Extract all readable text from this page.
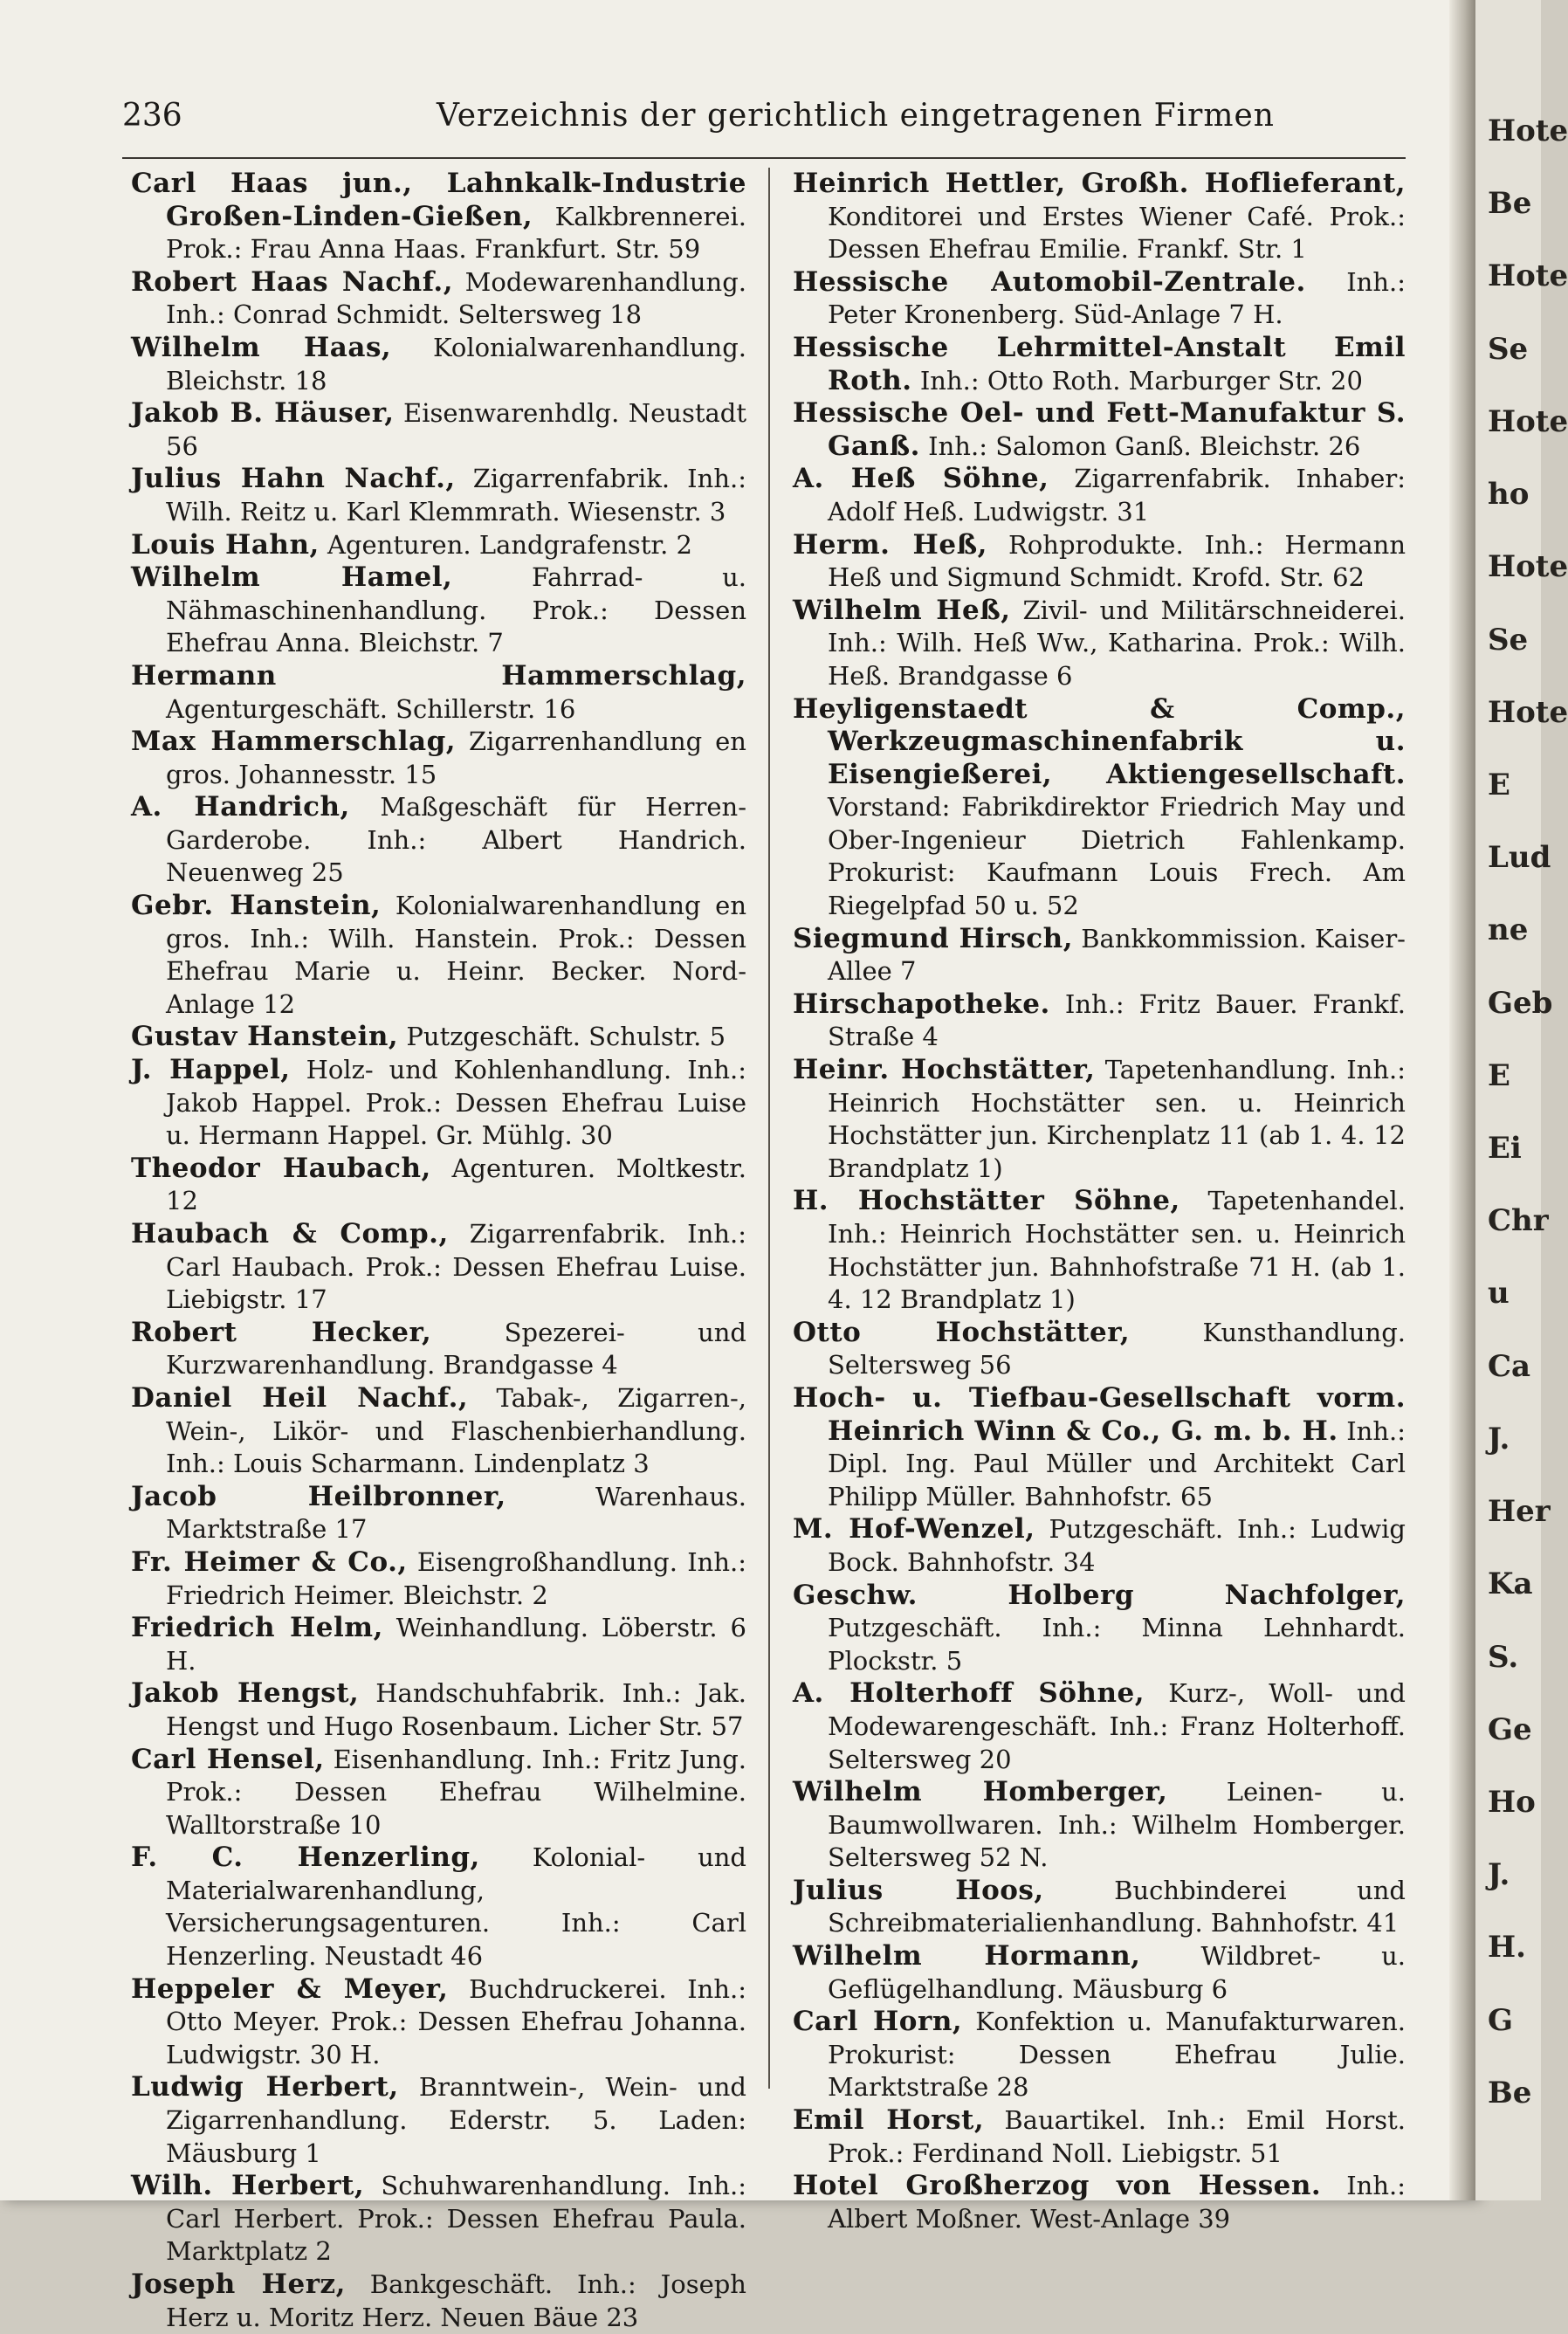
236	Verzeichnis der gerichtlich eingetragenen Firmen
Carl Haas jun., Lahnkalk-Industrie Großen-Linden-Gießen, Kalkbrennerei. Prok.: Frau Anna Haas. Frankfurt. Str. 59
Robert Haas Nachf., Modewarenhandlung. Inh.: Conrad Schmidt. Seltersweg 18
Wilhelm Haas, Kolonialwarenhandlung. Bleichstr. 18
Jakob B. Häuser, Eisenwarenhdlg. Neustadt 56
Julius Hahn Nachf., Zigarrenfabrik. Inh.: Wilh. Reitz u. Karl Klemmrath. Wiesenstr. 3
Louis Hahn, Agenturen. Landgrafenstr. 2
Wilhelm Hamel,	Fahrrad- u. Nähmaschinenhandlung. Prok.: Dessen Ehefrau Anna. Bleichstr. 7
Hermann Hammerschlag, Agenturgeschäft. Schillerstr. 16
Max Hammerschlag, Zigarrenhandlung en gros. Johannesstr. 15
A. Handrich, Maßgeschäft für Herren-Garderobe. Inh.: Albert Handrich. Neuenweg 25
Gebr. Hanstein, Kolonialwarenhandlung en gros. Inh.: Wilh. Hanstein. Prok.: Dessen Ehefrau Marie u. Heinr. Becker. Nord-Anlage 12
Gustav Hanstein, Putzgeschäft. Schulstr. 5
J. Happel, Holz- und Kohlenhandlung. Inh.: Jakob Happel. Prok.: Dessen Ehefrau Luise u. Hermann Happel. Gr. Mühlg. 30
Theodor Haubach, Agenturen. Moltkestr. 12
Haubach & Comp., Zigarrenfabrik. Inh.: Carl Haubach. Prok.: Dessen Ehefrau Luise. Liebigstr. 17
Robert Hecker,	Spezerei- und Kurzwarenhandlung. Brandgasse 4
Daniel Heil Nachf., Tabak-, Zigarren-, Wein-, Likör- und Flaschenbierhandlung. Inh.: Louis Scharmann. Lindenplatz 3
Jacob Heilbronner,	Warenhaus. Marktstraße 17
Fr. Heimer & Co., Eisengroßhandlung. Inh.: Friedrich Heimer. Bleichstr. 2
Friedrich Helm, Weinhandlung. Löberstr. 6 H.
Jakob Hengst, Handschuhfabrik. Inh.: Jak. Hengst und Hugo Rosenbaum. Licher Str. 57
Carl Hensel, Eisenhandlung. Inh.: Fritz Jung. Prok.: Dessen Ehefrau Wilhelmine. Walltorstraße 10
F. C. Henzerling, Kolonial- und Materialwarenhandlung, Versicherungsagenturen. Inh.: Carl Henzerling. Neustadt 46
Heppeler & Meyer, Buchdruckerei. Inh.: Otto Meyer. Prok.: Dessen Ehefrau Johanna. Ludwigstr. 30 H.
Ludwig Herbert, Branntwein-, Wein- und Zigarrenhandlung. Ederstr. 5. Laden: Mäusburg 1
Wilh. Herbert, Schuhwarenhandlung. Inh.: Carl Herbert. Prok.: Dessen Ehefrau Paula. Marktplatz 2
Joseph Herz, Bankgeschäft. Inh.: Joseph Herz u. Moritz Herz. Neuen Bäue 23
Heinrich Hettler, Großh. Hoflieferant, Konditorei und Erstes Wiener Café. Prok.: Dessen Ehefrau Emilie. Frankf. Str. 1
Hessische Automobil-Zentrale. Inh.: Peter Kronenberg. Süd-Anlage 7 H.
Hessische Lehrmittel-Anstalt Emil Roth. Inh.: Otto Roth. Marburger Str. 20
Hessische Oel- und Fett-Manufaktur S. Ganß. Inh.: Salomon Ganß. Bleichstr. 26
A. Heß Söhne, Zigarrenfabrik. Inhaber: Adolf Heß. Ludwigstr. 31
Herm. Heß, Rohprodukte. Inh.: Hermann Heß und Sigmund Schmidt. Krofd. Str. 62
Wilhelm Heß, Zivil- und Militärschneiderei. Inh.: Wilh. Heß Ww., Katharina. Prok.: Wilh. Heß. Brandgasse 6
Heyligenstaedt & Comp., Werkzeugmaschinenfabrik u. Eisengießerei, Aktiengesellschaft. Vorstand: Fabrikdirektor Friedrich May und Ober-Ingenieur Dietrich Fahlenkamp. Prokurist: Kaufmann Louis Frech. Am Riegelpfad 50 u. 52
Siegmund Hirsch, Bankkommission. Kaiser-Allee 7
Hirschapotheke. Inh.: Fritz Bauer. Frankf. Straße 4
Heinr. Hochstätter, Tapetenhandlung. Inh.: Heinrich Hochstätter sen. u. Heinrich Hochstätter jun. Kirchenplatz 11 (ab 1. 4. 12 Brandplatz 1)
H. Hochstätter Söhne, Tapetenhandel. Inh.: Heinrich Hochstätter sen. u. Heinrich Hochstätter jun. Bahnhofstraße 71 H. (ab 1. 4. 12 Brandplatz 1)
Otto Hochstätter,	Kunsthandlung. Seltersweg 56
Hoch- u. Tiefbau-Gesellschaft vorm. Heinrich Winn & Co., G. m. b. H. Inh.: Dipl. Ing. Paul Müller und Architekt Carl Philipp Müller. Bahnhofstr. 65
M. Hof-Wenzel, Putzgeschäft. Inh.: Ludwig Bock. Bahnhofstr. 34
Geschw. Holberg Nachfolger, Putzgeschäft. Inh.: Minna Lehnhardt. Plockstr. 5
A. Holterhoff Söhne, Kurz-, Woll- und Modewarengeschäft. Inh.: Franz Holterhoff. Seltersweg 20
Wilhelm Homberger, Leinen- u. Baumwollwaren. Inh.: Wilhelm Homberger. Seltersweg 52 N.
Julius Hoos,	Buchbinderei und Schreibmaterialienhandlung. Bahnhofstr. 41
Wilhelm Hormann, Wildbret- u. Geflügelhandlung. Mäusburg 6
Carl Horn, Konfektion u. Manufakturwaren. Prokurist: Dessen Ehefrau Julie. Marktstraße 28
Emil Horst, Bauartikel. Inh.: Emil Horst. Prok.: Ferdinand Noll. Liebigstr. 51
Hotel Großherzog von Hessen. Inh.: Albert Moßner. West-Anlage 39
Hote
Be
Hote
Se
Hote
ho
Hote
Se
Hote
E
Lud
ne
Geb
E
Ei
Chr
u
Ca
J.
Her
Ka
S.
Ge
Ho
J.
H.
G
Be
